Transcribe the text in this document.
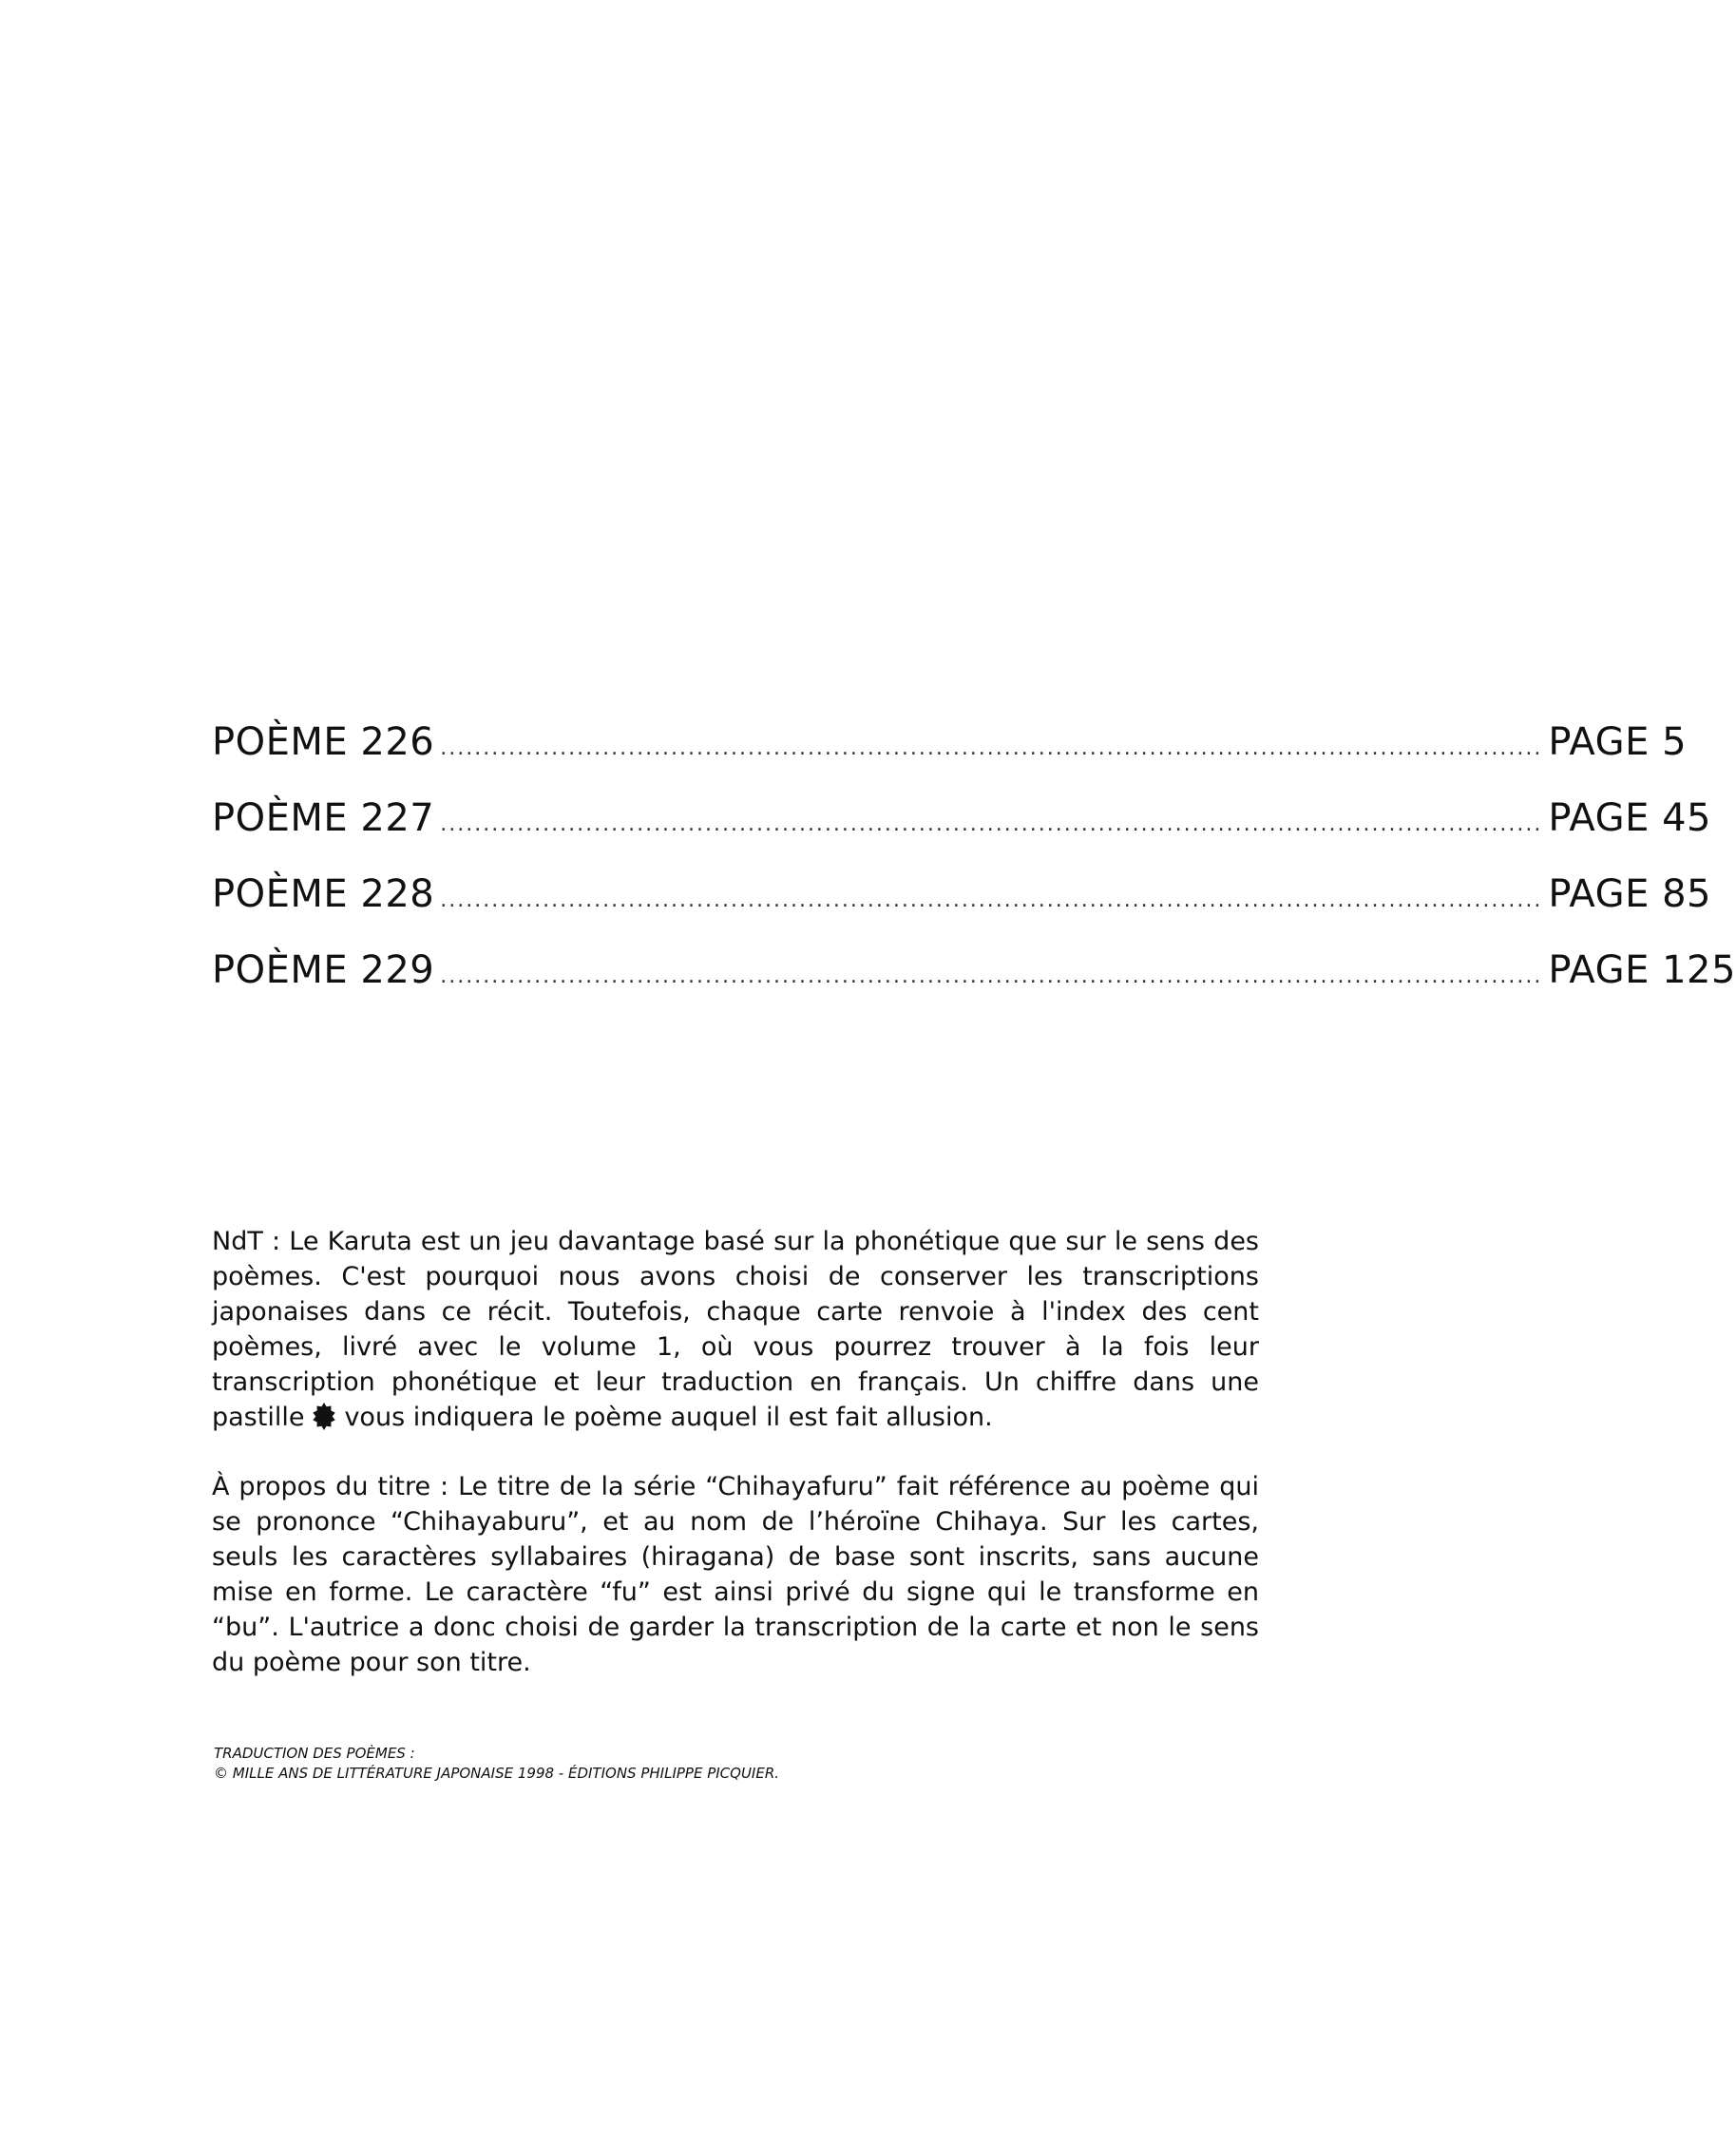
POÈME 226 ................................................................................................................................. PAGE 5
POÈME 227 ................................................................................................................................. PAGE 45
POÈME 228 ................................................................................................................................. PAGE 85
POÈME 229 ................................................................................................................................. PAGE 125
NdT : Le Karuta est un jeu davantage basé sur la phonétique que sur le sens des poèmes. C'est pourquoi nous avons choisi de conserver les transcriptions japonaises dans ce récit. Toutefois, chaque carte renvoie à l'index des cent poèmes, livré avec le volume 1, où vous pourrez trouver à la fois leur transcription phonétique et leur traduction en français. Un chiffre dans une pastille vous indiquera le poème auquel il est fait allusion.
À propos du titre : Le titre de la série “Chihayafuru” fait référence au poème qui se prononce “Chihayaburu”, et au nom de l’héroïne Chihaya. Sur les cartes, seuls les caractères syllabaires (hiragana) de base sont inscrits, sans aucune mise en forme. Le caractère “fu” est ainsi privé du signe qui le transforme en “bu”. L'autrice a donc choisi de garder la transcription de la carte et non le sens du poème pour son titre.
TRADUCTION DES POÈMES :
© MILLE ANS DE LITTÉRATURE JAPONAISE 1998 - ÉDITIONS PHILIPPE PICQUIER.
